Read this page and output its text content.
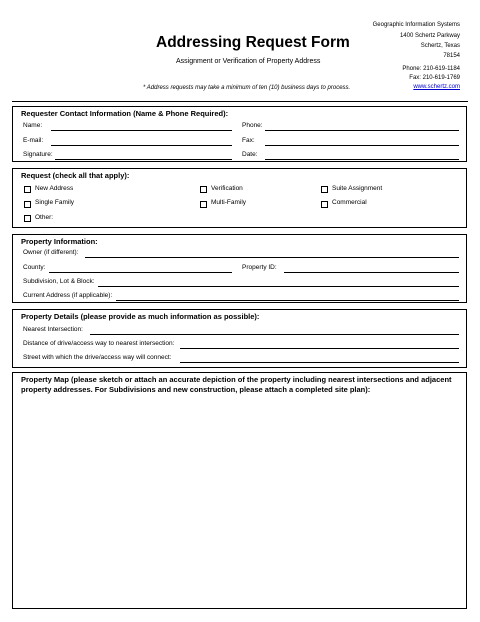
Addressing Request Form
Assignment or Verification of Property Address
* Address requests may take a minimum of ten (10) business days to process.
Geographic Information Systems
1400 Schertz Parkway
Schertz, Texas
78154
Phone: 210-619-1184
Fax: 210-619-1769
www.schertz.com
Requester Contact Information (Name & Phone Required):
Name:	Phone:
E-mail:	Fax:
Signature:	Date:
Request (check all that apply):
New Address	Verification	Suite Assignment
Single Family	Multi-Family	Commercial
Other:
Property Information:
Owner (if different):
County:	Property ID:
Subdivision, Lot & Block:
Current Address (if applicable):
Property Details (please provide as much information as possible):
Nearest Intersection:
Distance of drive/access way to nearest intersection:
Street with which the drive/access way will connect:
Property Map (please sketch or attach an accurate depiction of the property including nearest intersections and adjacent property addresses. For Subdivisions and new construction, please attach a completed site plan):
